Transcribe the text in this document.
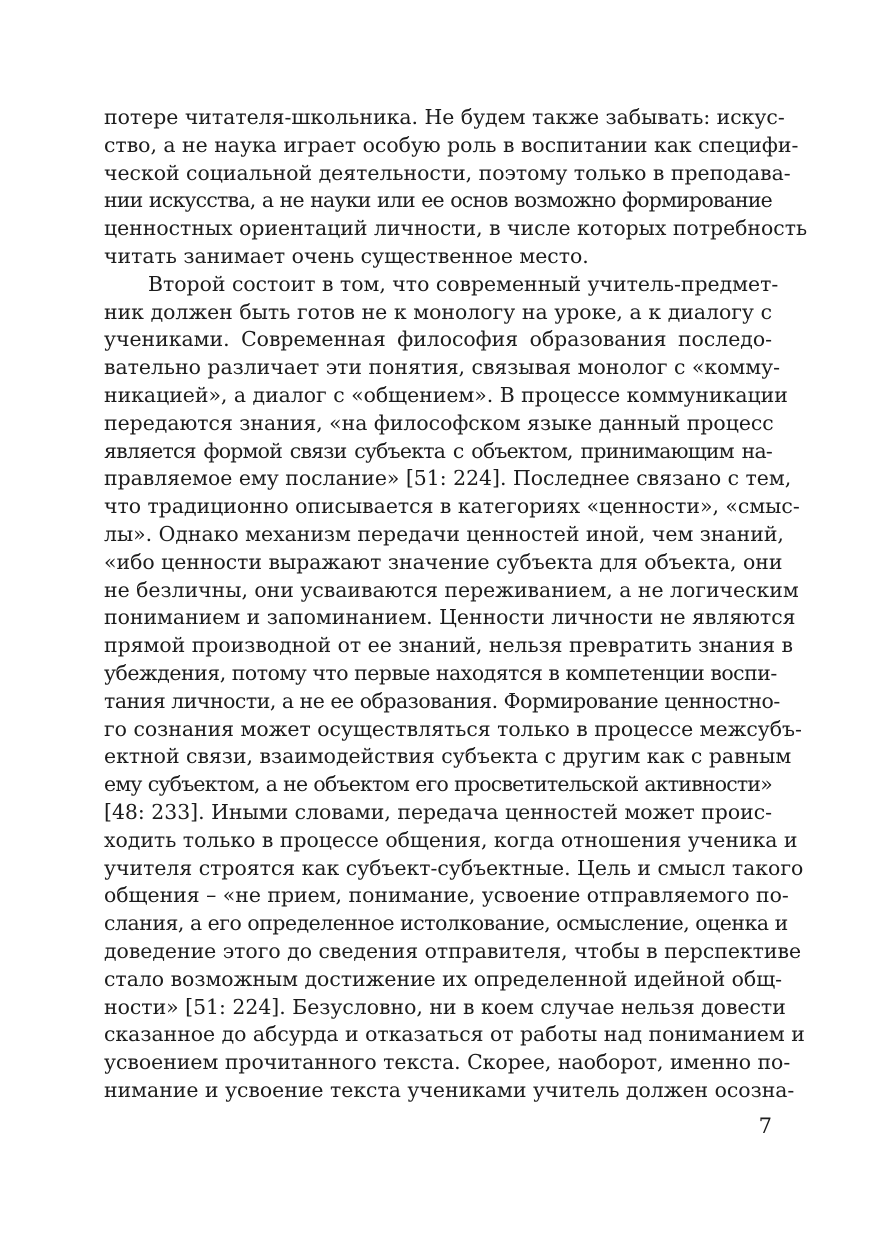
потере читателя-школьника. Не будем также забывать: искус-
ство, а не наука играет особую роль в воспитании как специфи-
ческой социальной деятельности, поэтому только в преподава-
нии искусства, а не науки или ее основ возможно формирование
ценностных ориентаций личности, в числе которых потребность
читать занимает очень существенное место.
Второй состоит в том, что современный учитель-предмет-
ник должен быть готов не к монологу на уроке, а к диалогу с
учениками. Современная философия образования последо-
вательно различает эти понятия, связывая монолог с «комму-
никацией», а диалог с «общением». В процессе коммуникации
передаются знания, «на философском языке данный процесс
является формой связи субъекта с объектом, принимающим на-
правляемое ему послание» [51: 224]. Последнее связано с тем,
что традиционно описывается в категориях «ценности», «смыс-
лы». Однако механизм передачи ценностей иной, чем знаний,
«ибо ценности выражают значение субъекта для объекта, они
не безличны, они усваиваются переживанием, а не логическим
пониманием и запоминанием. Ценности личности не являются
прямой производной от ее знаний, нельзя превратить знания в
убеждения, потому что первые находятся в компетенции воспи-
тания личности, а не ее образования. Формирование ценностно-
го сознания может осуществляться только в процессе межсубъ-
ектной связи, взаимодействия субъекта с другим как с равным
ему субъектом, а не объектом его просветительской активности»
[48: 233]. Иными словами, передача ценностей может проис-
ходить только в процессе общения, когда отношения ученика и
учителя строятся как субъект-субъектные. Цель и смысл такого
общения – «не прием, понимание, усвоение отправляемого по-
слания, а его определенное истолкование, осмысление, оценка и
доведение этого до сведения отправителя, чтобы в перспективе
стало возможным достижение их определенной идейной общ-
ности» [51: 224]. Безусловно, ни в коем случае нельзя довести
сказанное до абсурда и отказаться от работы над пониманием и
усвоением прочитанного текста. Скорее, наоборот, именно по-
нимание и усвоение текста учениками учитель должен осозна-
7
